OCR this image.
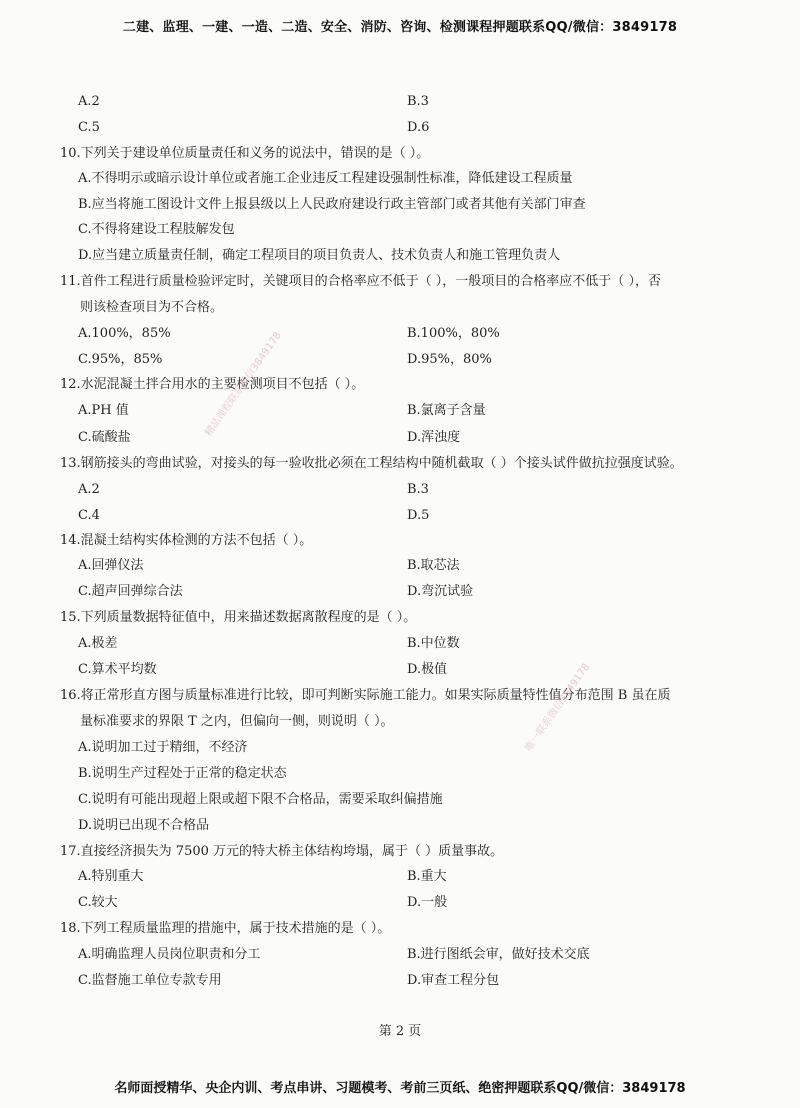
二建、监理、一建、一造、二造、安全、消防、咨询、检测课程押题联系QQ/微信：3849178
A.2	B.3
C.5	D.6
10.下列关于建设单位质量责任和义务的说法中，错误的是（ ）。
A.不得明示或暗示设计单位或者施工企业违反工程建设强制性标准，降低建设工程质量
B.应当将施工图设计文件上报县级以上人民政府建设行政主管部门或者其他有关部门审查
C.不得将建设工程肢解发包
D.应当建立质量责任制，确定工程项目的项目负责人、技术负责人和施工管理负责人
11.首件工程进行质量检验评定时，关键项目的合格率应不低于（ ），一般项目的合格率应不低于（ ），否
则该检查项目为不合格。
A.100%，85%	B.100%，80%
C.95%，85%	D.95%，80%
12.水泥混凝土拌合用水的主要检测项目不包括（ ）。
A.PH 值	B.氯离子含量
C.硫酸盐	D.浑浊度
13.钢筋接头的弯曲试验，对接头的每一验收批必须在工程结构中随机截取（ ）个接头试件做抗拉强度试验。
A.2	B.3
C.4	D.5
14.混凝土结构实体检测的方法不包括（ ）。
A.回弹仪法	B.取芯法
C.超声回弹综合法	D.弯沉试验
15.下列质量数据特征值中，用来描述数据离散程度的是（ ）。
A.极差	B.中位数
C.算术平均数	D.极值
16.将正常形直方图与质量标准进行比较，即可判断实际施工能力。如果实际质量特性值分布范围 B 虽在质
量标准要求的界限 T 之内，但偏向一侧，则说明（ ）。
A.说明加工过于精细，不经济
B.说明生产过程处于正常的稳定状态
C.说明有可能出现超上限或超下限不合格品，需要采取纠偏措施
D.说明已出现不合格品
17.直接经济损失为 7500 万元的特大桥主体结构垮塌，属于（ ）质量事故。
A.特别重大	B.重大
C.较大	D.一般
18.下列工程质量监理的措施中，属于技术措施的是（ ）。
A.明确监理人员岗位职责和分工	B.进行图纸会审，做好技术交底
C.监督施工单位专款专用	D.审查工程分包
精品课程联系微信3849178
唯一联系微信3849178
第 2 页
名师面授精华、央企内训、考点串讲、习题模考、考前三页纸、绝密押题联系QQ/微信：3849178
